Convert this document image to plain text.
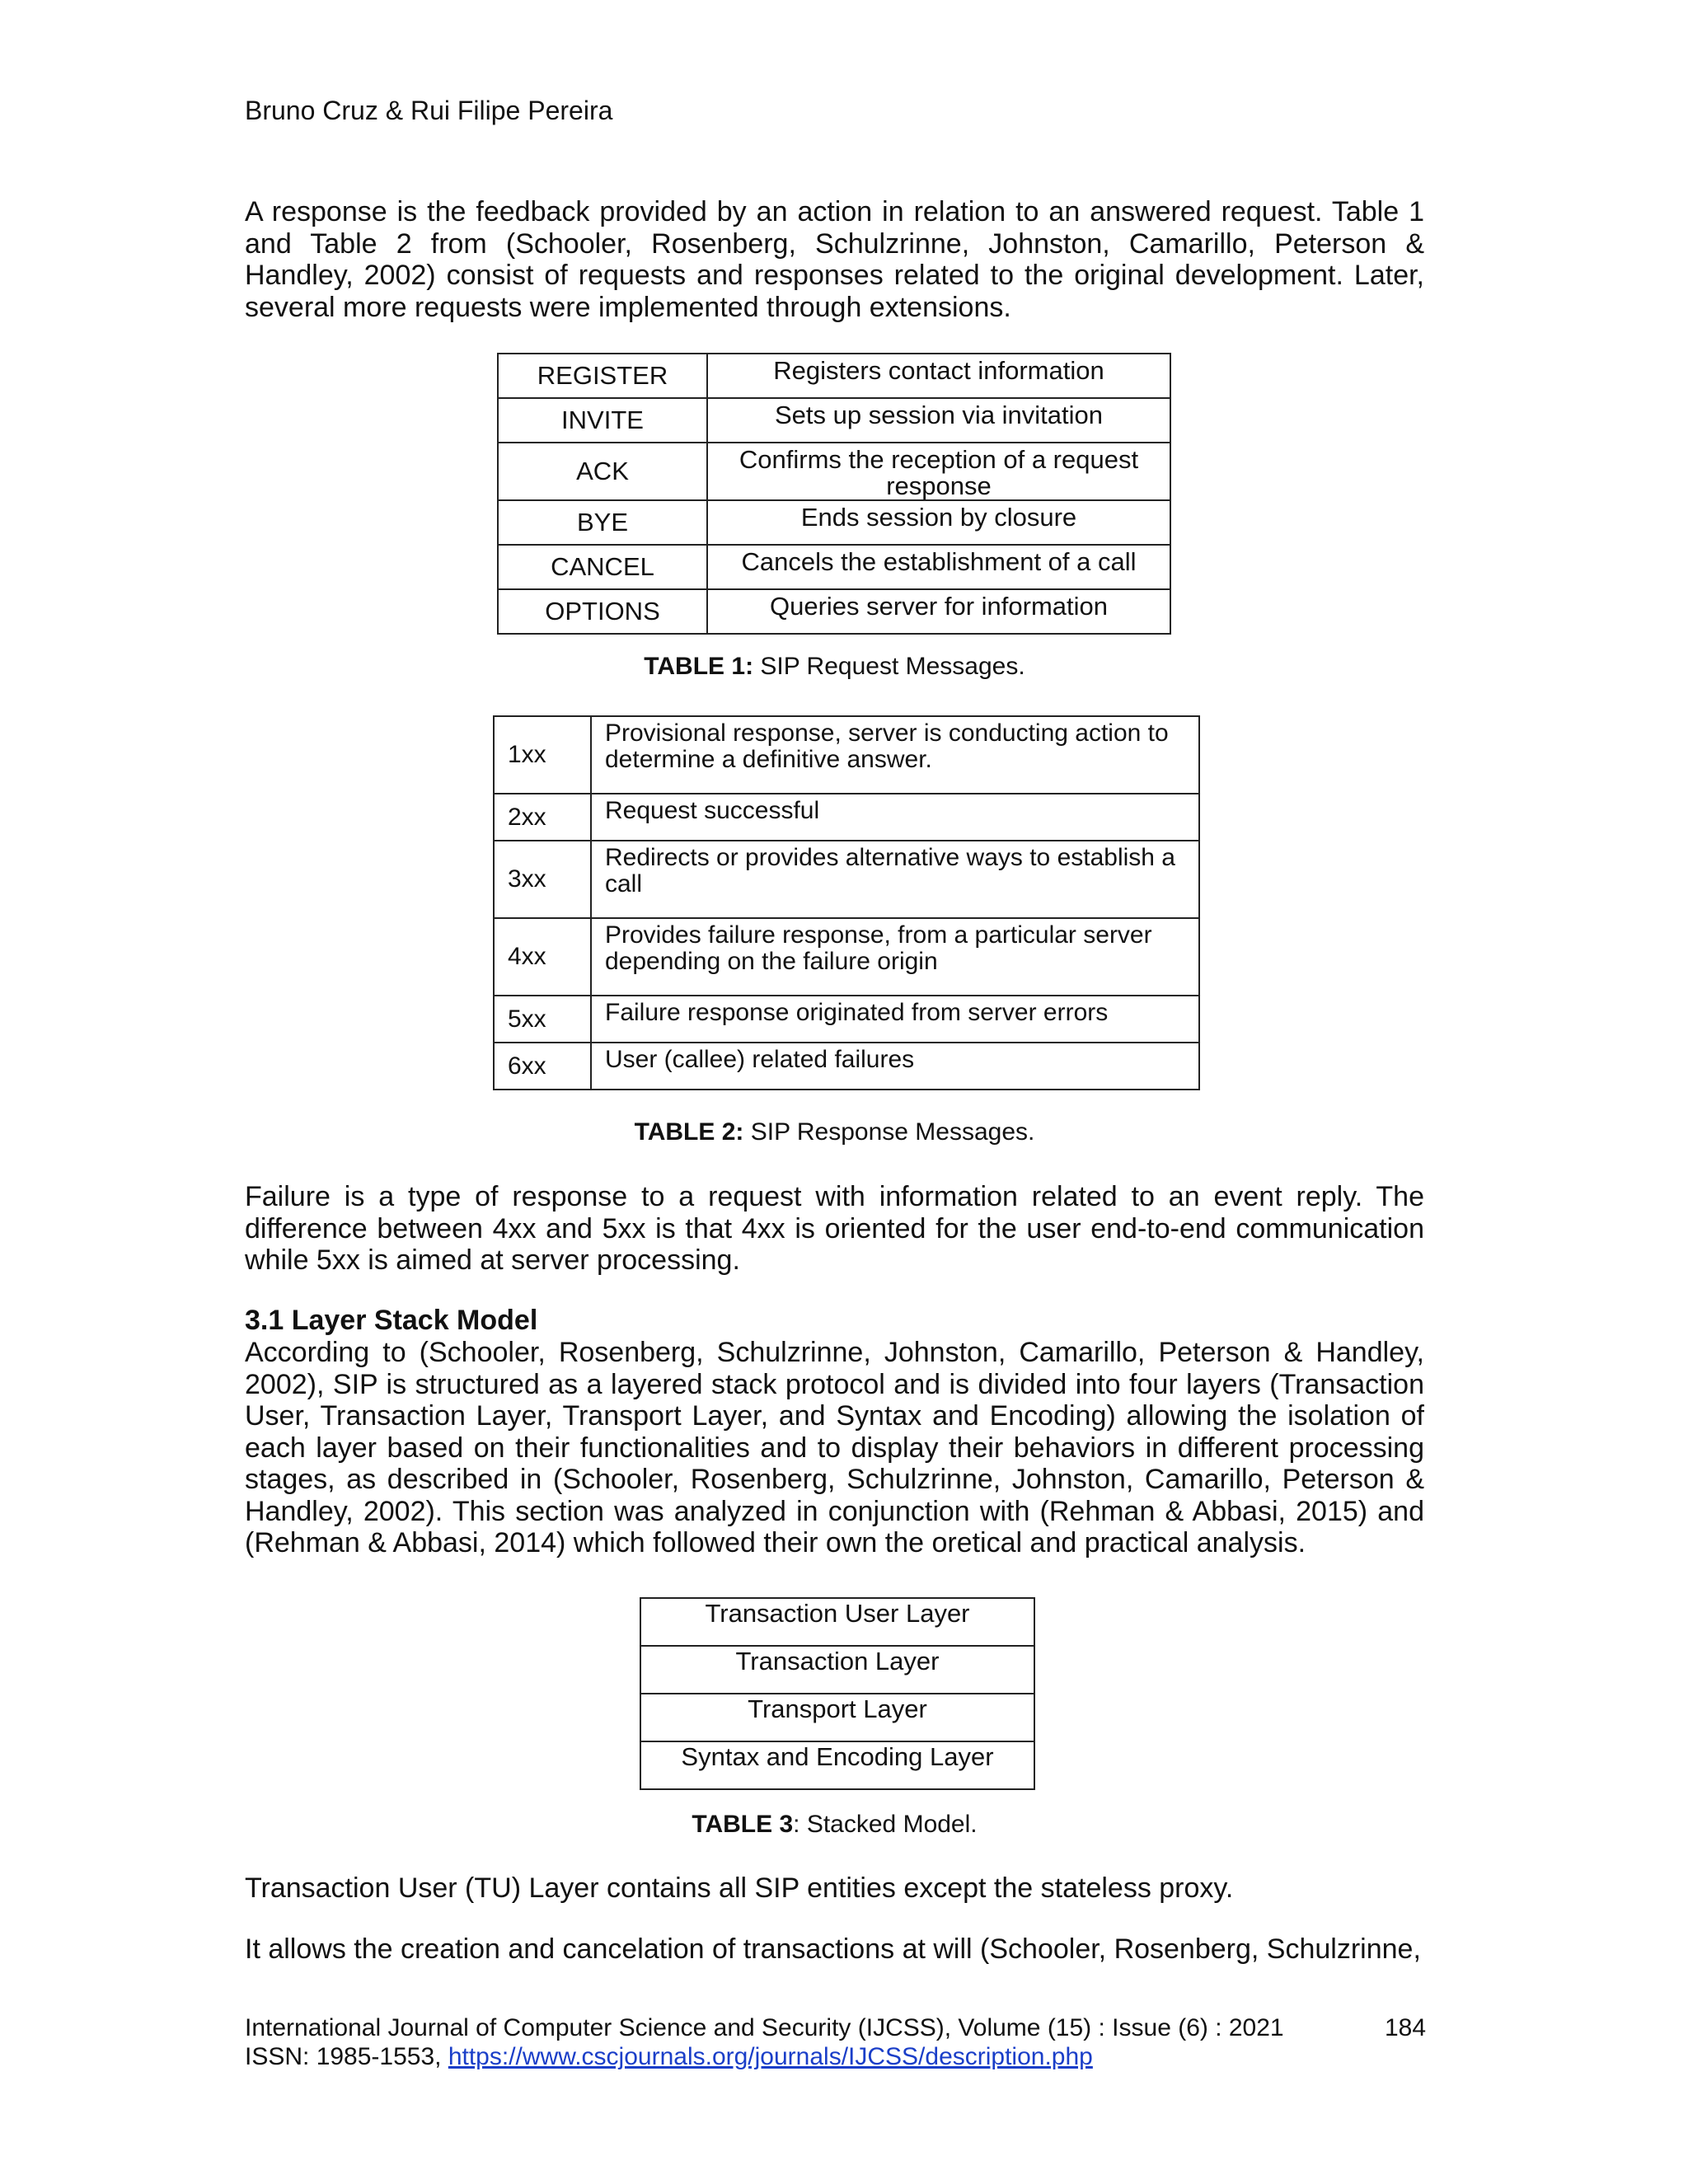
Bruno Cruz & Rui Filipe Pereira
A response is the feedback provided by an action in relation to an answered request. Table 1 and Table 2 from (Schooler, Rosenberg, Schulzrinne, Johnston, Camarillo, Peterson & Handley, 2002) consist of requests and responses related to the original development. Later, several more requests were implemented through extensions.
REGISTER	Registers contact information
INVITE	Sets up session via invitation
ACK	Confirms the reception of a request response
BYE	Ends session by closure
CANCEL	Cancels the establishment of a call
OPTIONS	Queries server for information
TABLE 1: SIP Request Messages.
1xx	Provisional response, server is conducting action to determine a definitive answer.
2xx	Request successful
3xx	Redirects or provides alternative ways to establish a call
4xx	Provides failure response, from a particular server depending on the failure origin
5xx	Failure response originated from server errors
6xx	User (callee) related failures
TABLE 2: SIP Response Messages.
Failure is a type of response to a request with information related to an event reply. The difference between 4xx and 5xx is that 4xx is oriented for the user end-to-end communication while 5xx is aimed at server processing.
3.1 Layer Stack Model
According to (Schooler, Rosenberg, Schulzrinne, Johnston, Camarillo, Peterson & Handley, 2002), SIP is structured as a layered stack protocol and is divided into four layers (Transaction User, Transaction Layer, Transport Layer, and Syntax and Encoding) allowing the isolation of each layer based on their functionalities and to display their behaviors in different processing stages, as described in (Schooler, Rosenberg, Schulzrinne, Johnston, Camarillo, Peterson & Handley, 2002). This section was analyzed in conjunction with (Rehman & Abbasi, 2015) and (Rehman & Abbasi, 2014) which followed their own the oretical and practical analysis.
Transaction User Layer
Transaction Layer
Transport Layer
Syntax and Encoding Layer
TABLE 3: Stacked Model.
Transaction User (TU) Layer contains all SIP entities except the stateless proxy.
It allows the creation and cancelation of transactions at will (Schooler, Rosenberg, Schulzrinne,
International Journal of Computer Science and Security (IJCSS), Volume (15) : Issue (6) : 2021	184
ISSN: 1985-1553, https://www.cscjournals.org/journals/IJCSS/description.php
